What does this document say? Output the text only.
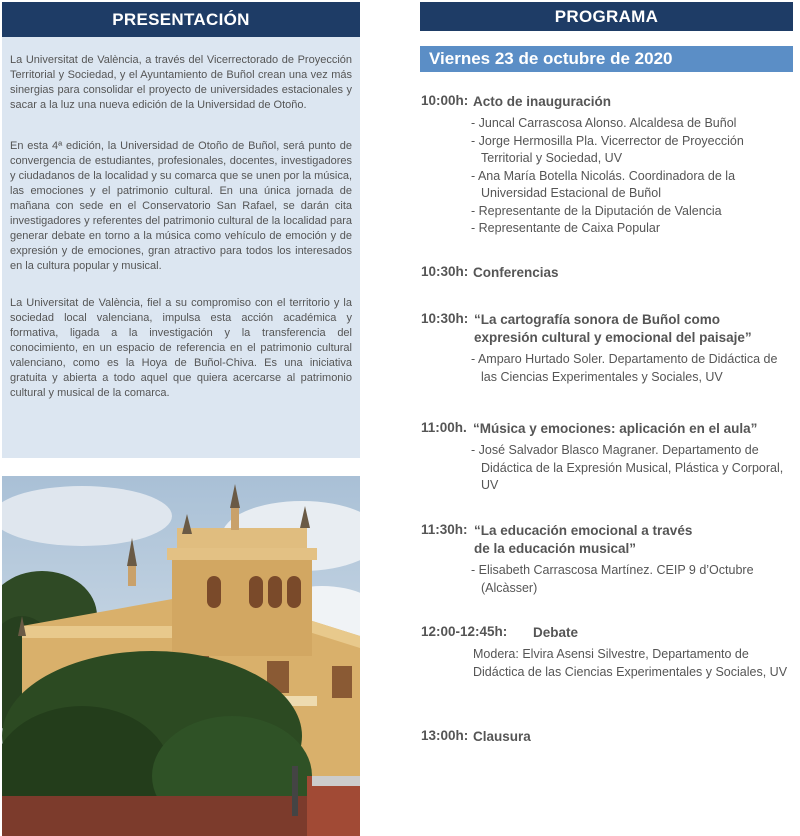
PRESENTACIÓN

La Universitat de València, a través del Vicerrectorado de Proyección Territorial y Sociedad, y el Ayuntamiento de Buñol crean una vez más sinergias para consolidar el proyecto de universidades estacionales y sacar a la luz una nueva edición de la Universidad de Otoño.

En esta 4ª edición, la Universidad de Otoño de Buñol, será punto de convergencia de estudiantes, profesionales, docentes, investigadores y ciudadanos de la localidad y su comarca que se unen por la música, las emociones y el patrimonio cultural. En una única jornada de mañana con sede en el Conservatorio San Rafael, se darán cita investigadores y referentes del patrimonio cultural de la localidad para generar debate en torno a la música como vehículo de emoción y de expresión y de emociones, gran atractivo para todos los interesados en la cultura popular y musical.

La Universitat de València, fiel a su compromiso con el territorio y la sociedad local valenciana, impulsa esta acción académica y formativa, ligada a la investigación y la transferencia del conocimiento, en un espacio de referencia en el patrimonio cultural valenciano, como es la Hoya de Buñol-Chiva. Es una iniciativa gratuita y abierta a todo aquel que quiera acercarse al patrimonio cultural y musical de la comarca.

PROGRAMA
Viernes 23 de octubre de 2020
10:00h: Acto de inauguración
- Juncal Carrascosa Alonso. Alcaldesa de Buñol
- Jorge Hermosilla Pla. Vicerrector de Proyección Territorial y Sociedad, UV
- Ana María Botella Nicolás. Coordinadora de la Universidad Estacional de Buñol
- Representante de la Diputación de Valencia
- Representante de Caixa Popular
10:30h: Conferencias
10:30h: “La cartografía sonora de Buñol como expresión cultural y emocional del paisaje”
- Amparo Hurtado Soler. Departamento de Didáctica de las Ciencias Experimentales y Sociales, UV
11:00h. “Música y emociones: aplicación en el aula”
- José Salvador Blasco Magraner. Departamento de Didáctica de la Expresión Musical, Plástica y Corporal, UV
11:30h: “La educación emocional a través de la educación musical”
- Elisabeth Carrascosa Martínez. CEIP 9 d’Octubre (Alcàsser)
12:00-12:45h:	Debate
Modera: Elvira Asensi Silvestre, Departamento de Didáctica de las Ciencias Experimentales y Sociales, UV
13:00h: Clausura
